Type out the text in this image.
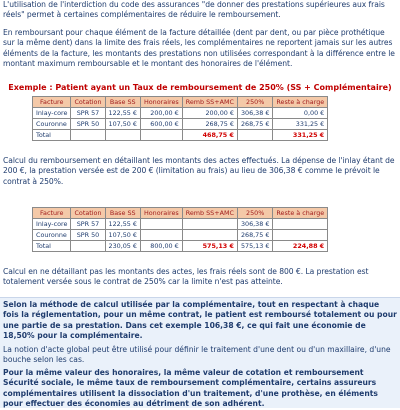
L'utilisation de l'interdiction du code des assurances "de donner des prestations supérieures aux frais réels" permet à certaines complémentaires de réduire le remboursement.

En remboursant pour chaque élément de la facture détaillée (dent par dent, ou par pièce prothétique sur la même dent) dans la limite des frais réels, les complémentaires ne reportent jamais sur les autres éléments de la facture, les montants des prestations non utilisées correspondant à la différence entre le montant maximum remboursable et le montant des honoraires de l'élément.

Exemple : Patient ayant un Taux de remboursement de 250% (SS + Complémentaire)

Facture	Cotation	Base SS	Honoraires	Remb SS+AMC	250%	Reste à charge
Inlay-core	SPR 57	122,55 €	200,00 €	200,00 €	306,38 €	0,00 €
Couronne	SPR 50	107,50 €	600,00 €	268,75 €	268,75 €	331,25 €
Total				468,75 €		331,25 €

Calcul du remboursement en détaillant les montants des actes effectués. La dépense de l'inlay étant de 200 €, la prestation versée est de 200 € (limitation au frais) au lieu de 306,38 € comme le prévoit le contrat à 250%.

Facture	Cotation	Base SS	Honoraires	Remb SS+AMC	250%	Reste à charge
Inlay-core	SPR 57	122,55 €			306,38 €	
Couronne	SPR 50	107,50 €			268,75 €	
Total		230,05 €	800,00 €	575,13 €	575,13 €	224,88 €

Calcul en ne détaillant pas les montants des actes, les frais réels sont de 800 €. La prestation est totalement versée sous le contrat de 250% car la limite n'est pas atteinte.

Selon la méthode de calcul utilisée par la complémentaire, tout en respectant à chaque fois la réglementation, pour un même contrat, le patient est remboursé totalement ou pour une partie de sa prestation. Dans cet exemple 106,38 €, ce qui fait une économie de 18,50% pour la complémentaire.

La notion d'acte global peut être utilisé pour définir le traitement d'une dent ou d'un maxillaire, d'une bouche selon les cas.

Pour la même valeur des honoraires, la même valeur de cotation et remboursement Sécurité sociale, le même taux de remboursement complémentaire, certains assureurs complémentaires utilisent la dissociation d'un traitement, d'une prothèse, en éléments pour effectuer des économies au détriment de son adhérent.
